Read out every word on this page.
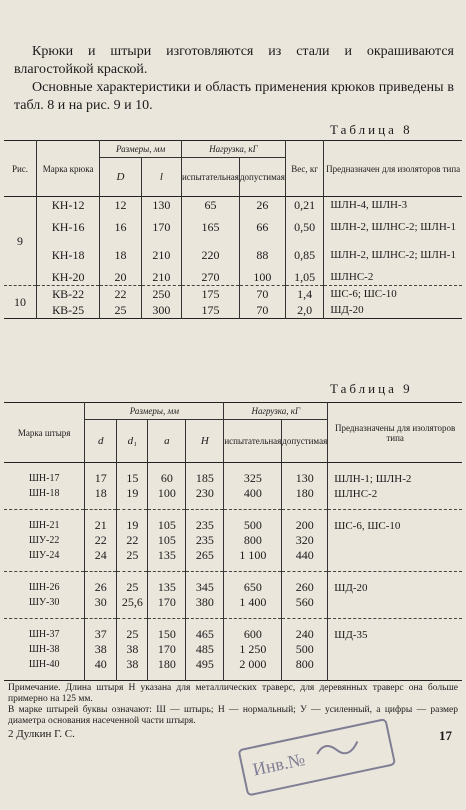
Крюки и штыри изготовляются из стали и окрашиваются влагостойкой краской.

Основные характеристики и область применения крюков приведены в табл. 8 и на рис. 9 и 10.

Таблица 8
Рис.	Марка крюка	Размеры, мм		Нагрузка, кГ		Вес, кг	Предназначен для изоляторов типа
		D	l	испытательная	допустимая		
9	КН-12	12	130	65	26	0,21	ШЛН-4, ШЛН-3
	КН-16	16	170	165	66	0,50	ШЛН-2, ШЛНС-2; ШЛН-1
	КН-18	18	210	220	88	0,85	ШЛН-2, ШЛНС-2; ШЛН-1
	КН-20	20	210	270	100	1,05	ШЛНС-2
10	КВ-22	22	250	175	70	1,4	ШС-6; ШС-10
	КВ-25	25	300	175	70	2,0	ШД-20
Таблица 9
Марка штыря	Размеры, мм				Нагрузка, кГ		Предназначены для изоляторов типа
	d	d₁	a	H	испытательная	допустимая	
ШН-17	17	15	60	185	325	130	ШЛН-1; ШЛН-2
ШН-18	18	19	100	230	400	180	ШЛНС-2
ШН-21	21	19	105	235	500	200	ШС-6, ШС-10
ШУ-22	22	22	105	235	800	320	
ШУ-24	24	25	135	265	1 100	440	
ШН-26	26	25	135	345	650	260	ШД-20
ШУ-30	30	25,6	170	380	1 400	560	
ШН-37	37	25	150	465	600	240	ШД-35
ШН-38	38	38	170	485	1 250	500	
ШН-40	40	38	180	495	2 000	800	

Примечание. Длина штыря H указана для металлических траверс, для деревянных траверс она больше примерно на 125 мм.

В марке штырей буквы означают: Ш — штырь; Н — нормальный; У — усиленный, а цифры — размер диаметра основания насеченной части штыря.

2 Дулкин Г. С.	17
Инв.№
